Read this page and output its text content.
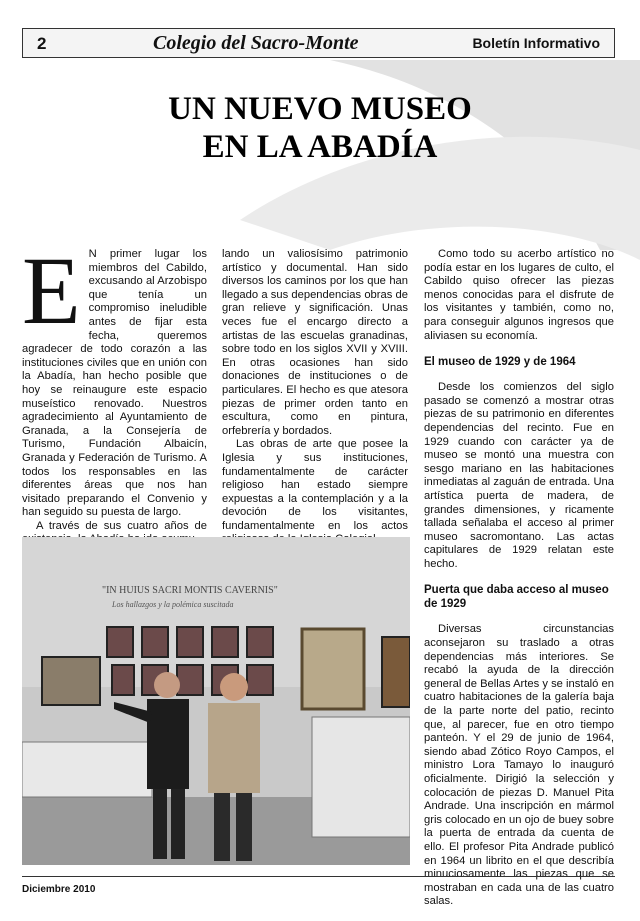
2	Colegio del Sacro-Monte	Boletín Informativo
UN NUEVO MUSEO
EN LA ABADÍA
E N primer lugar los miembros del Cabildo, excusando al Arzobispo que tenía un compromiso ineludible antes de fijar esta fecha, queremos agradecer de todo corazón a las instituciones civiles que en unión con la Abadía, han hecho posible que hoy se reinaugure este espacio museístico renovado. Nuestros agradecimiento al Ayuntamiento de Granada, a la Consejería de Turismo, Fundación Albaicín, Granada y Federación de Turismo. A todos los responsables en las diferentes áreas que nos han visitado preparando el Convenio y han seguido su puesta de largo.

A través de sus cuatro años de

lando un valiosísimo patrimonio artístico y documental. Han sido diversos los caminos por los que han llegado a sus dependencias obras de gran relieve y significación. Unas veces fue el encargo directo a artistas de las escuelas granadinas, sobre todo en los siglos XVII y XVIII. En otras ocasiones han sido donaciones de instituciones o de particulares. El hecho es que atesora piezas de primer orden tanto en escultura, como en pintura, orfebrería y bordados.

Las obras de arte que posee la Iglesia y sus instituciones, fundamentalmente de carácter religioso han estado siempre expuestas a la contemplación y a la devoción de los visitantes, fundamentalmente en los actos

Como todo su acerbo artístico no podía estar en los lugares de culto, el Cabildo quiso ofrecer las piezas menos conocidas para el disfrute de los visitantes y también, como no, para conseguir algunos ingresos que aliviasen su economía.

El museo de 1929 y de 1964

Desde los comienzos del siglo pasado se comenzó a mostrar otras piezas de su patrimonio en diferentes dependencias del recinto. Fue en 1929 cuando con carácter ya de museo se montó una muestra con sesgo mariano en las habitaciones inmediatas al zaguán de entrada. Una artística puerta de madera, de grandes dimensiones, y ricamente tallada señalaba el acceso al primer museo sacromontano. Las actas capitulares de 1929 relatan este hecho.

Puerta que daba acceso al museo de 1929

Diversas circunstancias aconsejaron su traslado a otras dependencias más interiores. Se recabó la ayuda de la dirección general de Bellas Artes y se instaló en cuatro habitaciones de la galería baja de la parte norte del patio, recinto que, al parecer, fue en otro tiempo panteón. Y el 29 de junio de 1964, siendo abad Zótico Royo Campos, el ministro Lora Tamayo lo inauguró oficialmente. Dirigió la selección y colocación de piezas D. Manuel Pita Andrade. Una inscripción en mármol gris colocado en un ojo de buey sobre la puerta de entrada da cuenta de ello. El profesor Pita Andrade publicó en 1964 un librito en el que describía minuciosamente las piezas que se mostraban en cada una de las cuatro salas.

"IN HUIUS SACRI MONTIS CAVERNIS"
Los hallazgos y la polémica suscitada
Diciembre 2010
